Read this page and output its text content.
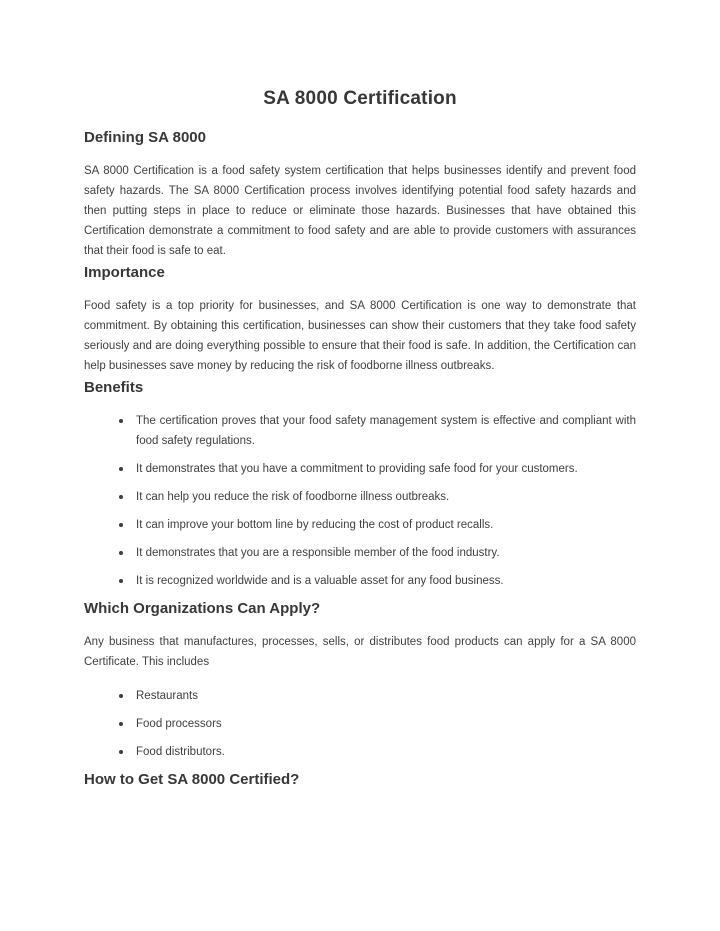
SA 8000 Certification
Defining SA 8000

SA 8000 Certification is a food safety system certification that helps businesses identify and prevent food safety hazards. The SA 8000 Certification process involves identifying potential food safety hazards and then putting steps in place to reduce or eliminate those hazards. Businesses that have obtained this Certification demonstrate a commitment to food safety and are able to provide customers with assurances that their food is safe to eat.

Importance

Food safety is a top priority for businesses, and SA 8000 Certification is one way to demonstrate that commitment. By obtaining this certification, businesses can show their customers that they take food safety seriously and are doing everything possible to ensure that their food is safe. In addition, the Certification can help businesses save money by reducing the risk of foodborne illness outbreaks.

Benefits
The certification proves that your food safety management system is effective and compliant with food safety regulations.
It demonstrates that you have a commitment to providing safe food for your customers.
It can help you reduce the risk of foodborne illness outbreaks.
It can improve your bottom line by reducing the cost of product recalls.
It demonstrates that you are a responsible member of the food industry.
It is recognized worldwide and is a valuable asset for any food business.
Which Organizations Can Apply?

Any business that manufactures, processes, sells, or distributes food products can apply for a SA 8000 Certificate. This includes

Restaurants
Food processors
Food distributors.
How to Get SA 8000 Certified?
